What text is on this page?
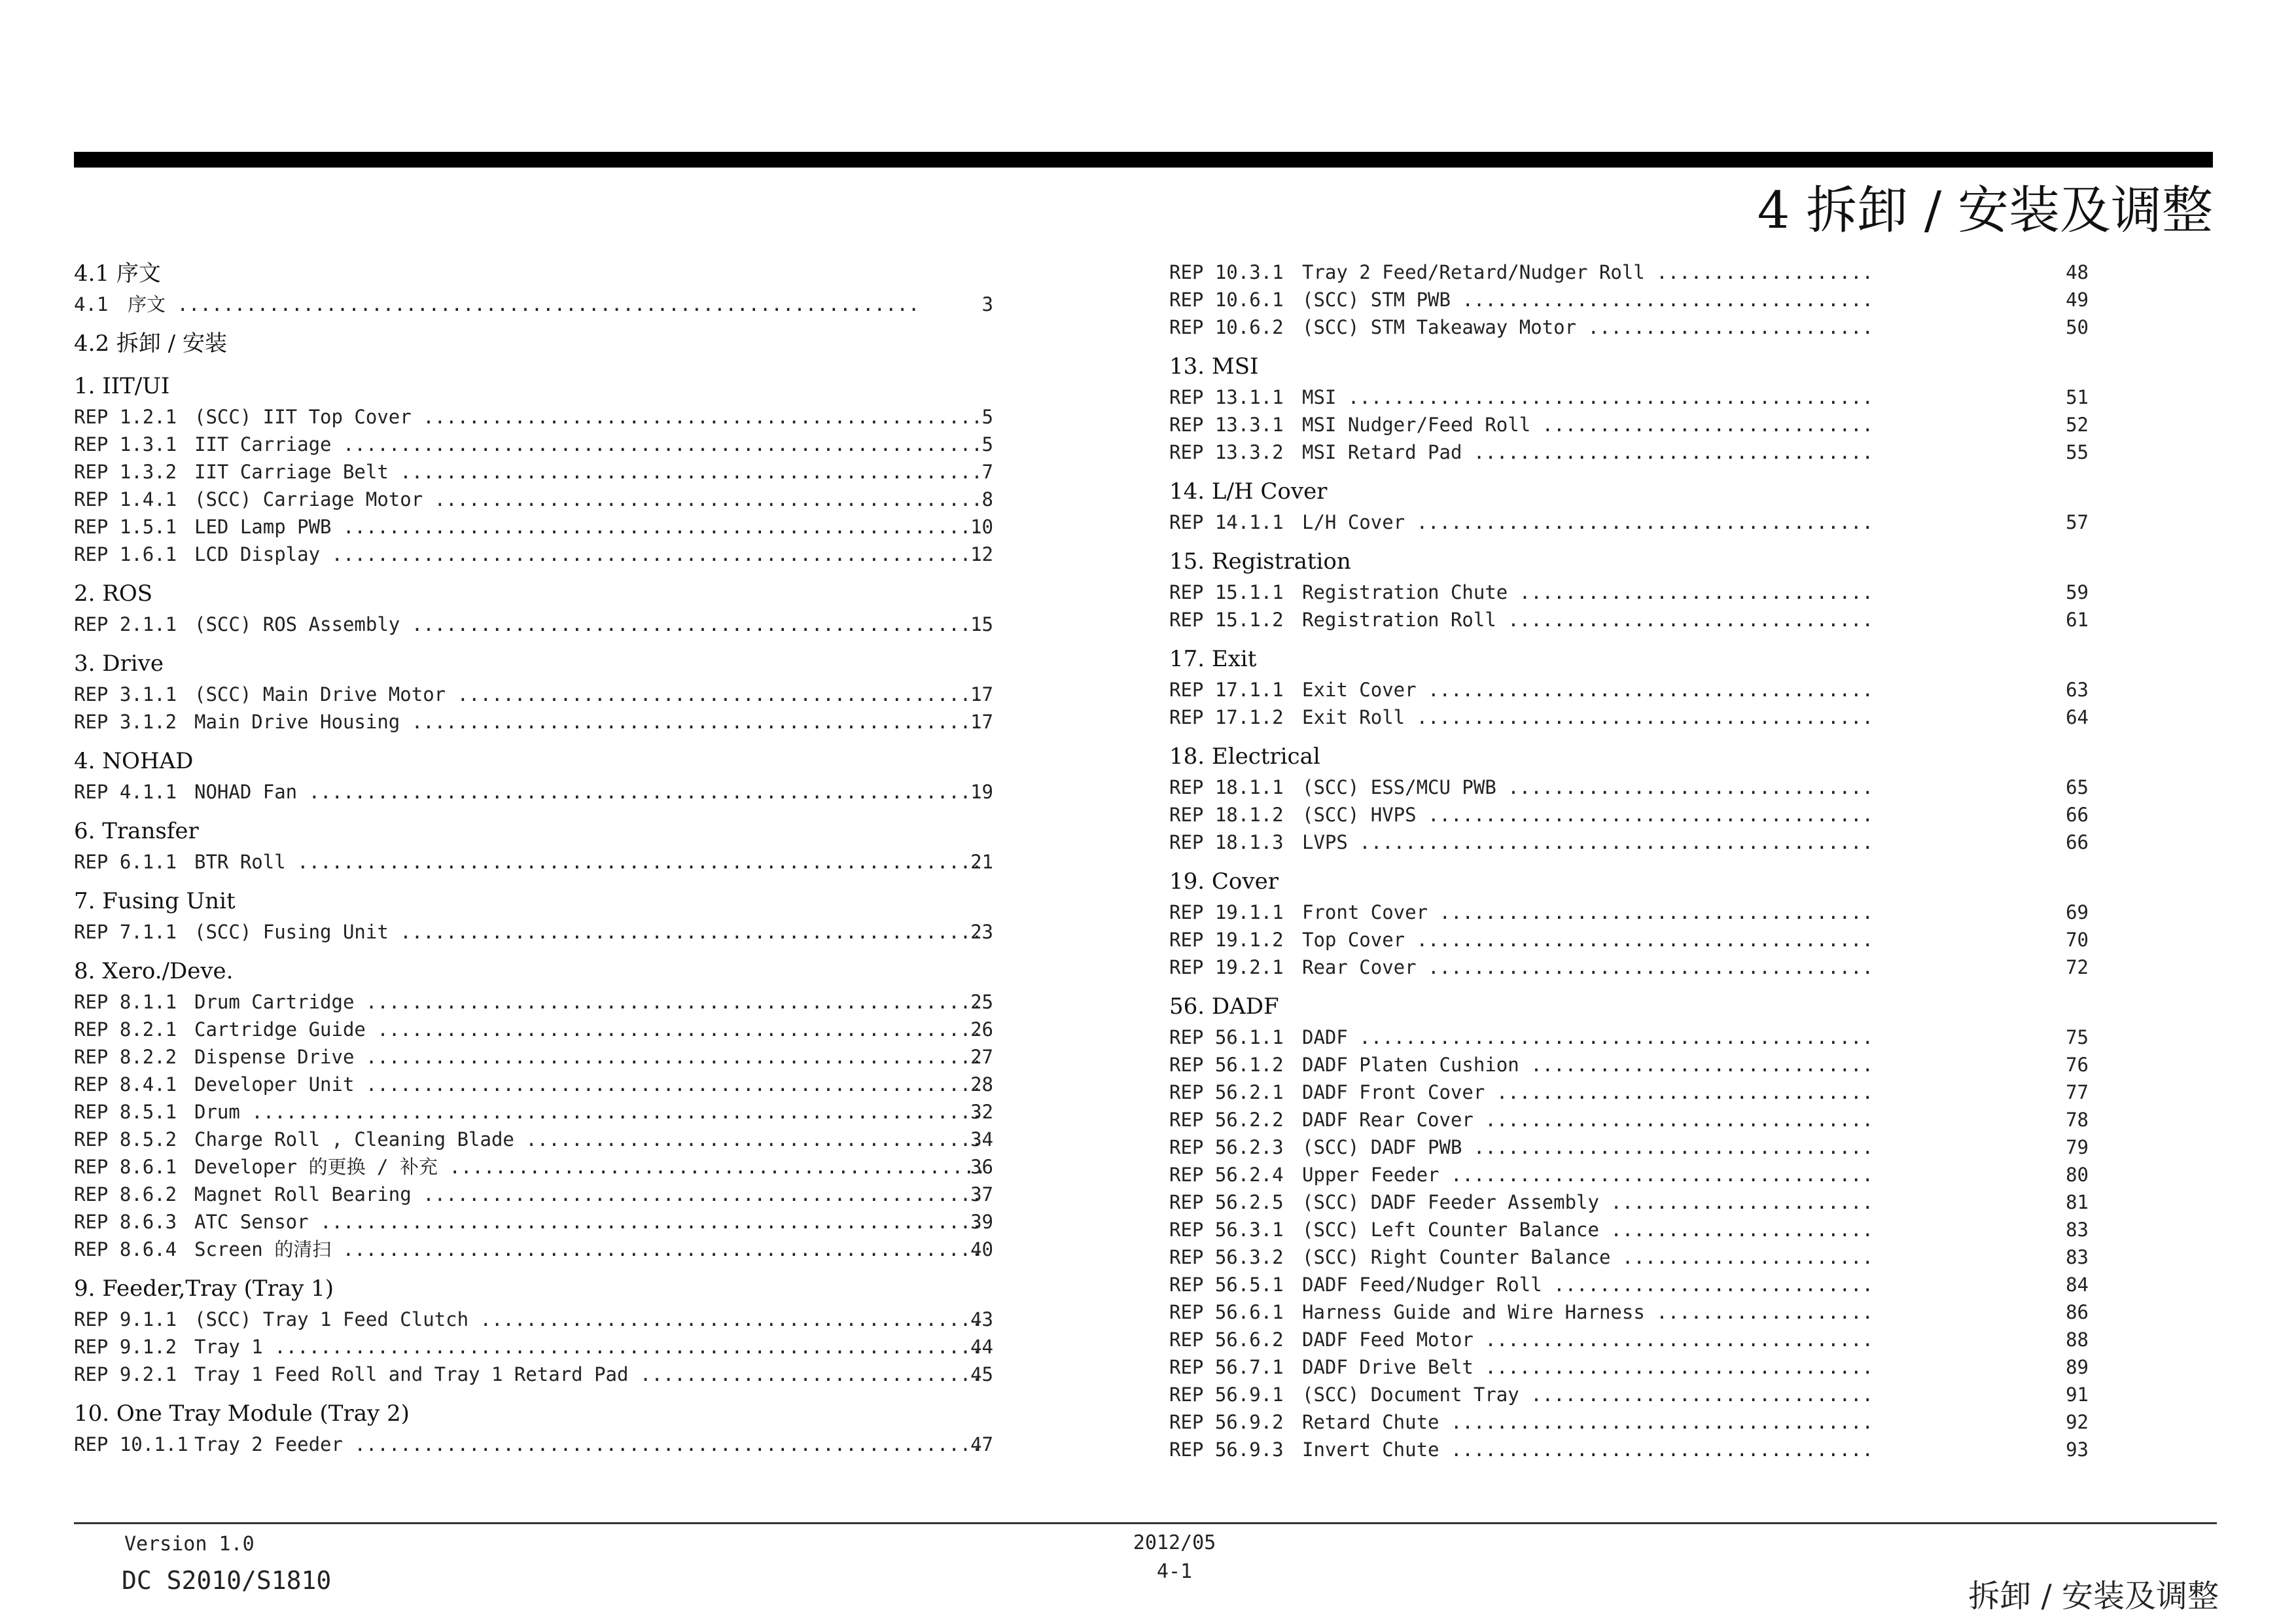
4 拆卸 / 安装及调整
4.1 序文
4.1 序文 .....	3
4.2 拆卸 / 安装
1. IIT/UI
REP 1.2.1 (SCC) IIT Top Cover .....	5
REP 1.3.1 IIT Carriage .....	5
REP 1.3.2 IIT Carriage Belt .....	7
REP 1.4.1 (SCC) Carriage Motor .....	8
REP 1.5.1 LED Lamp PWB .....	10
REP 1.6.1 LCD Display .....	12
2. ROS
REP 2.1.1 (SCC) ROS Assembly .....	15
3. Drive
REP 3.1.1 (SCC) Main Drive Motor .....	17
REP 3.1.2 Main Drive Housing .....	17
4. NOHAD
REP 4.1.1 NOHAD Fan .....	19
6. Transfer
REP 6.1.1 BTR Roll .....	21
7. Fusing Unit
REP 7.1.1 (SCC) Fusing Unit .....	23
8. Xero./Deve.
REP 8.1.1 Drum Cartridge .....	25
REP 8.2.1 Cartridge Guide .....	26
REP 8.2.2 Dispense Drive .....	27
REP 8.4.1 Developer Unit .....	28
REP 8.5.1 Drum .....	32
REP 8.5.2 Charge Roll , Cleaning Blade .....	34
REP 8.6.1 Developer 的更换 / 补充 .....	36
REP 8.6.2 Magnet Roll Bearing .....	37
REP 8.6.3 ATC Sensor .....	39
REP 8.6.4 Screen 的清扫 .....	40
9. Feeder,Tray (Tray 1)
REP 9.1.1 (SCC) Tray 1 Feed Clutch .....	43
REP 9.1.2 Tray 1 .....	44
REP 9.2.1 Tray 1 Feed Roll and Tray 1 Retard Pad .....	45
10. One Tray Module (Tray 2)
REP 10.1.1 Tray 2 Feeder .....	47
REP 10.3.1 Tray 2 Feed/Retard/Nudger Roll .....	48
REP 10.6.1 (SCC) STM PWB .....	49
REP 10.6.2 (SCC) STM Takeaway Motor .....	50
13. MSI
REP 13.1.1 MSI .....	51
REP 13.3.1 MSI Nudger/Feed Roll .....	52
REP 13.3.2 MSI Retard Pad .....	55
14. L/H Cover
REP 14.1.1 L/H Cover .....	57
15. Registration
REP 15.1.1 Registration Chute .....	59
REP 15.1.2 Registration Roll .....	61
17. Exit
REP 17.1.1 Exit Cover .....	63
REP 17.1.2 Exit Roll .....	64
18. Electrical
REP 18.1.1 (SCC) ESS/MCU PWB .....	65
REP 18.1.2 (SCC) HVPS .....	66
REP 18.1.3 LVPS .....	66
19. Cover
REP 19.1.1 Front Cover .....	69
REP 19.1.2 Top Cover .....	70
REP 19.2.1 Rear Cover .....	72
56. DADF
REP 56.1.1 DADF .....	75
REP 56.1.2 DADF Platen Cushion .....	76
REP 56.2.1 DADF Front Cover .....	77
REP 56.2.2 DADF Rear Cover .....	78
REP 56.2.3 (SCC) DADF PWB .....	79
REP 56.2.4 Upper Feeder .....	80
REP 56.2.5 (SCC) DADF Feeder Assembly .....	81
REP 56.3.1 (SCC) Left Counter Balance .....	83
REP 56.3.2 (SCC) Right Counter Balance .....	83
REP 56.5.1 DADF Feed/Nudger Roll .....	84
REP 56.6.1 Harness Guide and Wire Harness .....	86
REP 56.6.2 DADF Feed Motor .....	88
REP 56.7.1 DADF Drive Belt .....	89
REP 56.9.1 (SCC) Document Tray .....	91
REP 56.9.2 Retard Chute .....	92
REP 56.9.3 Invert Chute .....	93
Version 1.0
DC S2010/S1810
2012/05
4-1
拆卸 / 安装及调整
